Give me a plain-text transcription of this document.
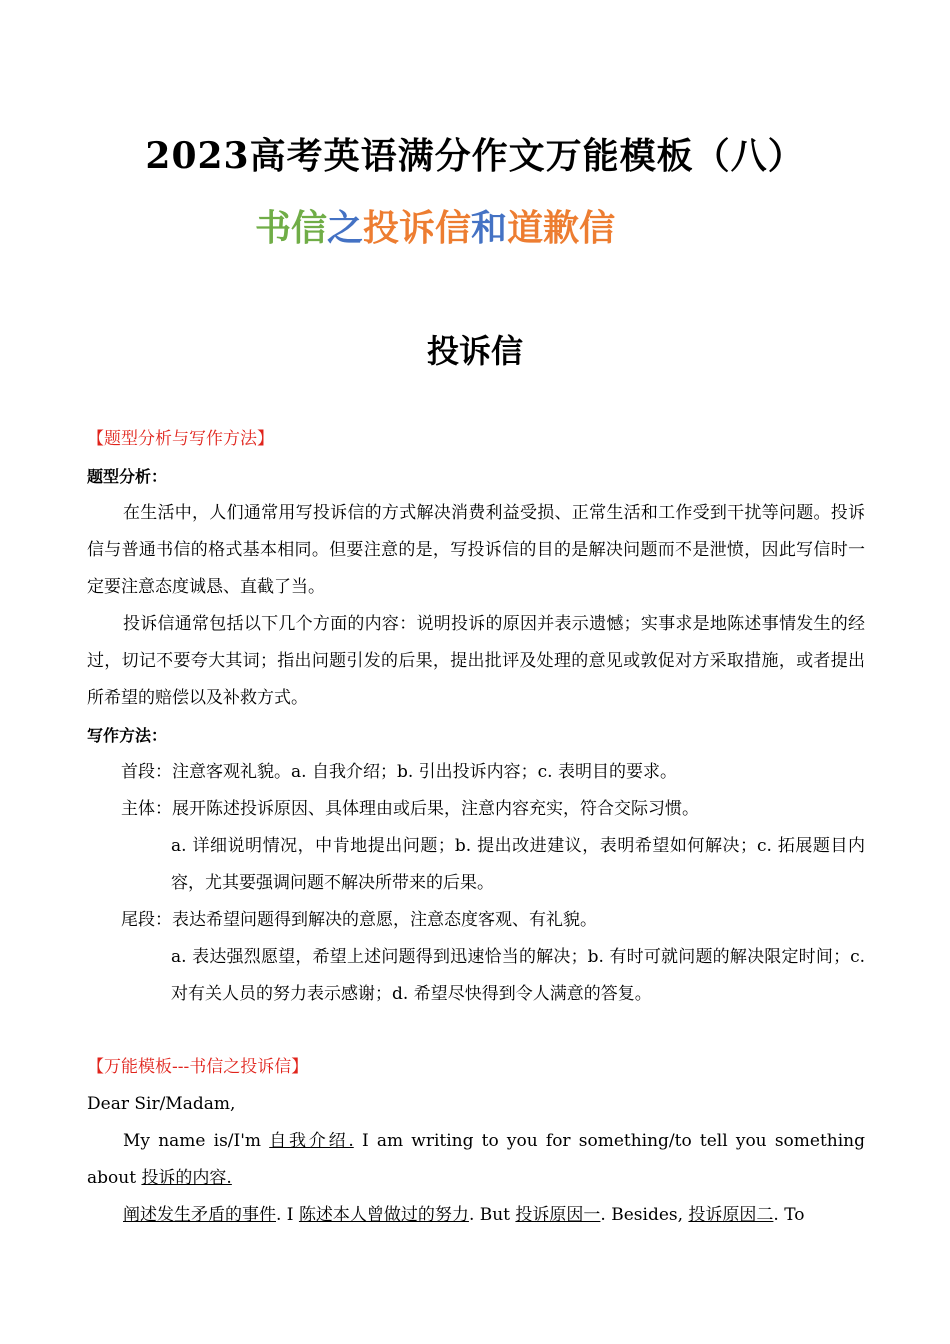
2023高考英语满分作文万能模板（八）
书信之投诉信和道歉信
投诉信

【题型分析与写作方法】

题型分析：

在生活中，人们通常用写投诉信的方式解决消费利益受损、正常生活和工作受到干扰等问题。投诉信与普通书信的格式基本相同。但要注意的是，写投诉信的目的是解决问题而不是泄愤，因此写信时一定要注意态度诚恳、直截了当。

投诉信通常包括以下几个方面的内容：说明投诉的原因并表示遗憾；实事求是地陈述事情发生的经过，切记不要夸大其词；指出问题引发的后果，提出批评及处理的意见或敦促对方采取措施，或者提出所希望的赔偿以及补救方式。

写作方法：

首段：注意客观礼貌。a. 自我介绍；b. 引出投诉内容；c. 表明目的要求。

主体：展开陈述投诉原因、具体理由或后果，注意内容充实，符合交际习惯。

a. 详细说明情况，中肯地提出问题；b. 提出改进建议，表明希望如何解决；c. 拓展题目内容，尤其要强调问题不解决所带来的后果。

尾段：表达希望问题得到解决的意愿，注意态度客观、有礼貌。

a. 表达强烈愿望，希望上述问题得到迅速恰当的解决；b. 有时可就问题的解决限定时间；c. 对有关人员的努力表示感谢；d. 希望尽快得到令人满意的答复。

【万能模板---书信之投诉信】

Dear Sir/Madam,

My name is/I'm 自我介绍. I am writing to you for something/to tell you something about 投诉的内容.

阐述发生矛盾的事件. I 陈述本人曾做过的努力. But 投诉原因一. Besides, 投诉原因二. To
